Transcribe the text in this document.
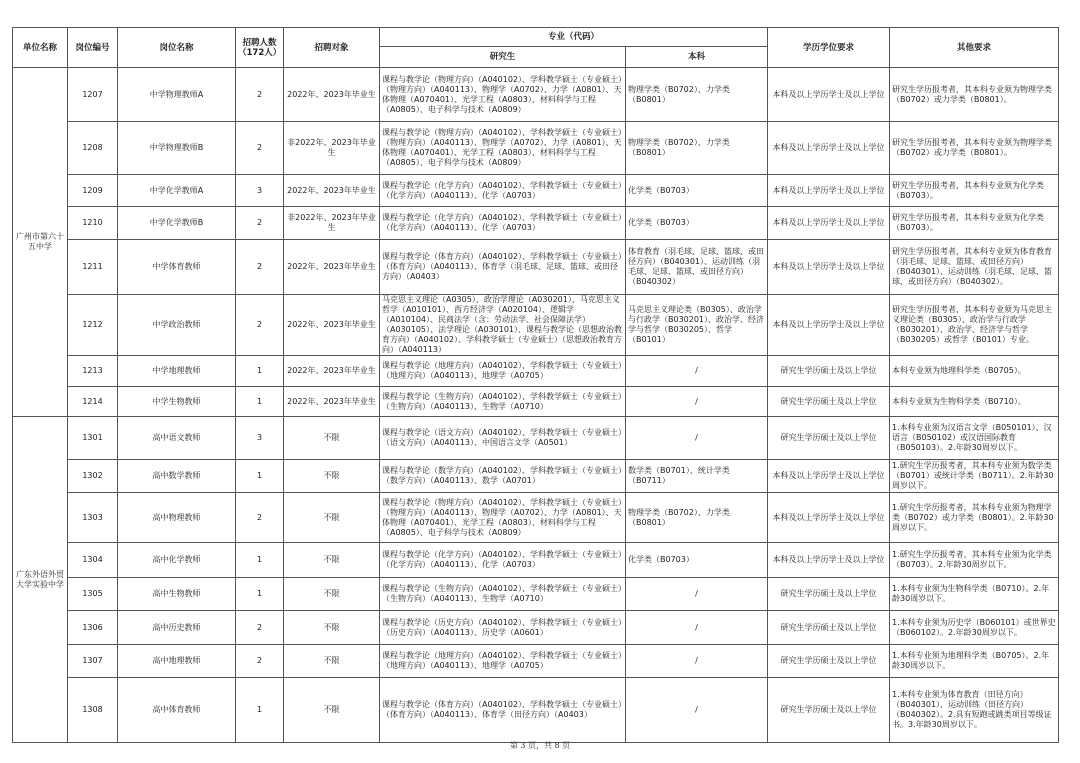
单位名称	岗位编号	岗位名称	招聘人数（172人）	招聘对象	专业（代码）		学历学位要求	其他要求
					研究生	本科		
广州市第六十五中学	1207	中学物理教师A	2	2022年、2023年毕业生	课程与教学论（物理方向）（A040102）、学科教学硕士（专业硕士）（物理方向）（A040113）、物理学（A0702）、力学（A0801）、天体物理（A070401）、光学工程（A0803）、材料科学与工程（A0805）、电子科学与技术（A0809）	物理学类（B0702）、力学类（B0801）	本科及以上学历学士及以上学位	研究生学历报考者，其本科专业须为物理学类（B0702）或力学类（B0801）。
	1208	中学物理教师B	2	非2022年、2023年毕业生	课程与教学论（物理方向）（A040102）、学科教学硕士（专业硕士）（物理方向）（A040113）、物理学（A0702）、力学（A0801）、天体物理（A070401）、光学工程（A0803）、材料科学与工程（A0805）、电子科学与技术（A0809）	物理学类（B0702）、力学类（B0801）	本科及以上学历学士及以上学位	研究生学历报考者，其本科专业须为物理学类（B0702）或力学类（B0801）。
	1209	中学化学教师A	3	2022年、2023年毕业生	课程与教学论（化学方向）（A040102）、学科教学硕士（专业硕士）（化学方向）（A040113）、化学（A0703）	化学类（B0703）	本科及以上学历学士及以上学位	研究生学历报考者，其本科专业须为化学类（B0703）。
	1210	中学化学教师B	2	非2022年、2023年毕业生	课程与教学论（化学方向）（A040102）、学科教学硕士（专业硕士）（化学方向）（A040113）、化学（A0703）	化学类（B0703）	本科及以上学历学士及以上学位	研究生学历报考者，其本科专业须为化学类（B0703）。
	1211	中学体育教师	2	2022年、2023年毕业生	课程与教学论（体育方向）（A040102）、学科教学硕士（专业硕士）（体育方向）（A040113）、体育学（羽毛球、足球、篮球、或田径方向）（A0403）	体育教育（羽毛球、足球、篮球、或田径方向）（B040301）、运动训练（羽毛球、足球、篮球、或田径方向）（B040302）	本科及以上学历学士及以上学位	研究生学历报考者，其本科专业须为体育教育（羽毛球、足球、篮球、或田径方向）（B040301）、运动训练（羽毛球、足球、篮球、或田径方向）（B040302）。
	1212	中学政治教师	2	2022年、2023年毕业生	马克思主义理论（A0305）、政治学理论（A030201）、马克思主义哲学（A010101）、西方经济学（A020104）、逻辑学（A010104）、民商法学（含：劳动法学、社会保障法学）（A030105）、法学理论（A030101）、课程与教学论（思想政治教育方向）（A040102）、学科教学硕士（专业硕士）（思想政治教育方向）（A040113）	马克思主义理论类（B0305）、政治学与行政学（B030201）、政治学、经济学与哲学（B030205）、哲学（B0101）	本科及以上学历学士及以上学位	研究生学历报考者，其本科专业须为马克思主义理论类（B0305）、政治学与行政学（B030201）、政治学、经济学与哲学（B030205）或哲学（B0101）专业。
	1213	中学地理教师	1	2022年、2023年毕业生	课程与教学论（地理方向）（A040102）、学科教学硕士（专业硕士）（地理方向）（A040113）、地理学（A0705）	/	研究生学历硕士及以上学位	本科专业须为地理科学类（B0705）。
	1214	中学生物教师	1	2022年、2023年毕业生	课程与教学论（生物方向）（A040102）、学科教学硕士（专业硕士）（生物方向）（A040113）、生物学（A0710）	/	研究生学历硕士及以上学位	本科专业须为生物科学类（B0710）。
广东外语外贸大学实验中学	1301	高中语文教师	3	不限	课程与教学论（语文方向）（A040102）、学科教学硕士（专业硕士）（语文方向）（A040113）、中国语言文学（A0501）	/	研究生学历硕士及以上学位	1.本科专业须为汉语言文学（B050101）、汉语言（B050102）或汉语国际教育（B050103）。2.年龄30周岁以下。
	1302	高中数学教师	1	不限	课程与教学论（数学方向）（A040102）、学科教学硕士（专业硕士）（数学方向）（A040113）、数学（A0701）	数学类（B0701）、统计学类（B0711）	本科及以上学历学士及以上学位	1.研究生学历报考者，其本科专业须为数学类（B0701）或统计学类（B0711）。2.年龄30周岁以下。
	1303	高中物理教师	2	不限	课程与教学论（物理方向）（A040102）、学科教学硕士（专业硕士）（物理方向）（A040113）、物理学（A0702）、力学（A0801）、天体物理（A070401）、光学工程（A0803）、材料科学与工程（A0805）、电子科学与技术（A0809）	物理学类（B0702）、力学类（B0801）	本科及以上学历学士及以上学位	1.研究生学历报考者，其本科专业须为物理学类（B0702）或力学类（B0801）。2.年龄30周岁以下。
	1304	高中化学教师	1	不限	课程与教学论（化学方向）（A040102）、学科教学硕士（专业硕士）（化学方向）（A040113）、化学（A0703）	化学类（B0703）	本科及以上学历学士及以上学位	1.研究生学历报考者，其本科专业须为化学类（B0703）。2.年龄30周岁以下。
	1305	高中生物教师	1	不限	课程与教学论（生物方向）（A040102）、学科教学硕士（专业硕士）（生物方向）（A040113）、生物学（A0710）	/	研究生学历硕士及以上学位	1.本科专业须为生物科学类（B0710）。2.年龄30周岁以下。
	1306	高中历史教师	2	不限	课程与教学论（历史方向）（A040102）、学科教学硕士（专业硕士）（历史方向）（A040113）、历史学（A0601）	/	研究生学历硕士及以上学位	1.本科专业须为历史学（B060101）或世界史（B060102）。2.年龄30周岁以下。
	1307	高中地理教师	2	不限	课程与教学论（地理方向）（A040102）、学科教学硕士（专业硕士）（地理方向）（A040113）、地理学（A0705）	/	研究生学历硕士及以上学位	1.本科专业须为地理科学类（B0705）。2.年龄30周岁以下。
	1308	高中体育教师	1	不限	课程与教学论（体育方向）（A040102）、学科教学硕士（专业硕士）（体育方向）（A040113）、体育学（田径方向）（A0403）	/	研究生学历硕士及以上学位	1.本科专业须为体育教育（田径方向）（B040301）、运动训练（田径方向）（B040302）。2.具有短跑或跳类项目等级证书。3.年龄30周岁以下。
第 3 页，共 8 页
